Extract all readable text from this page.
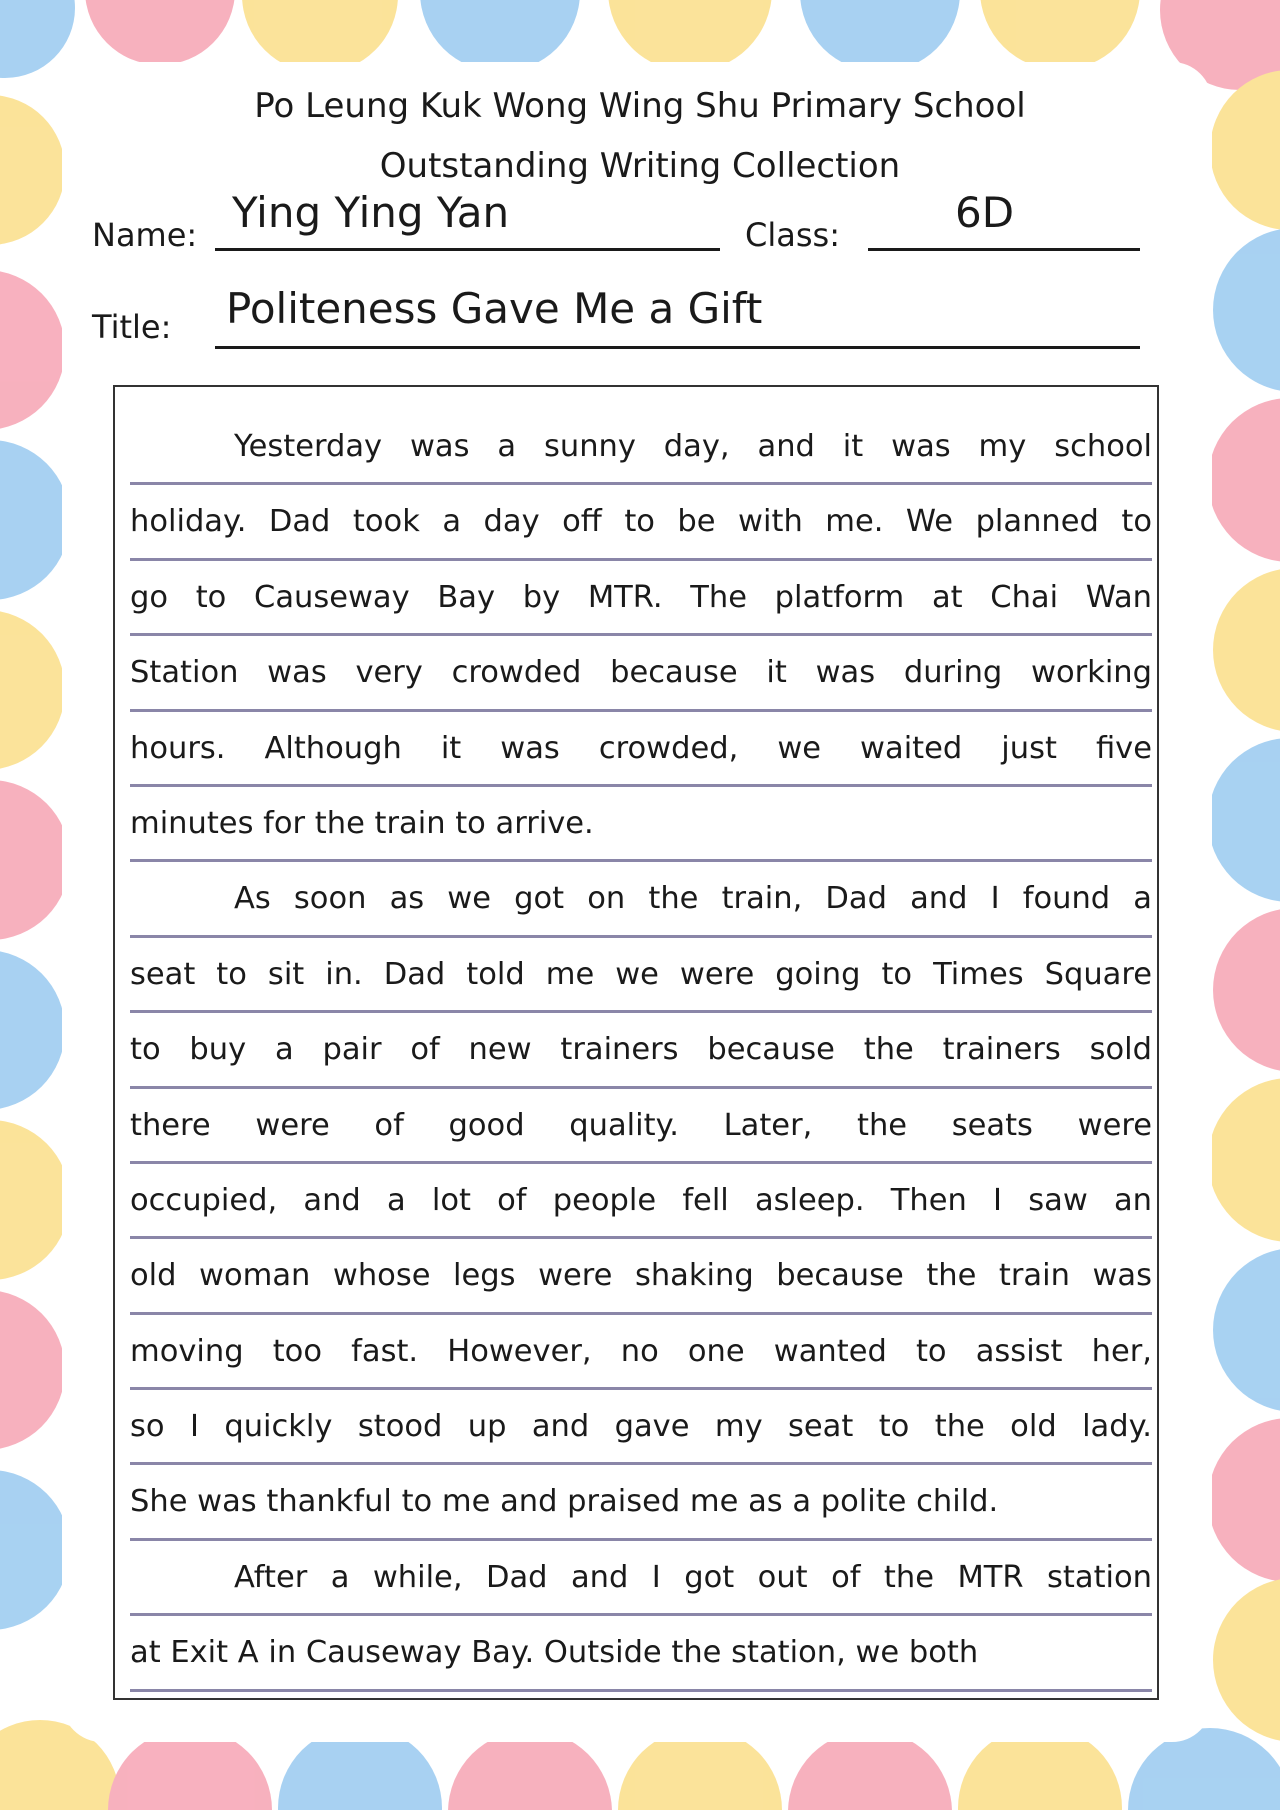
Po Leung Kuk Wong Wing Shu Primary School
Outstanding Writing Collection
Name: Ying Ying Yan	Class:	6D
Title: Politeness Gave Me a Gift
Yesterday was a sunny day, and it was my school
holiday. Dad took a day off to be with me. We planned to
go to Causeway Bay by MTR. The platform at Chai Wan
Station was very crowded because it was during working
hours. Although it was crowded, we waited just five
minutes for the train to arrive.
As soon as we got on the train, Dad and I found a
seat to sit in. Dad told me we were going to Times Square
to buy a pair of new trainers because the trainers sold
there were of good quality. Later, the seats were
occupied, and a lot of people fell asleep. Then I saw an
old woman whose legs were shaking because the train was
moving too fast. However, no one wanted to assist her,
so I quickly stood up and gave my seat to the old lady.
She was thankful to me and praised me as a polite child.
After a while, Dad and I got out of the MTR station
at Exit A in Causeway Bay. Outside the station, we both
